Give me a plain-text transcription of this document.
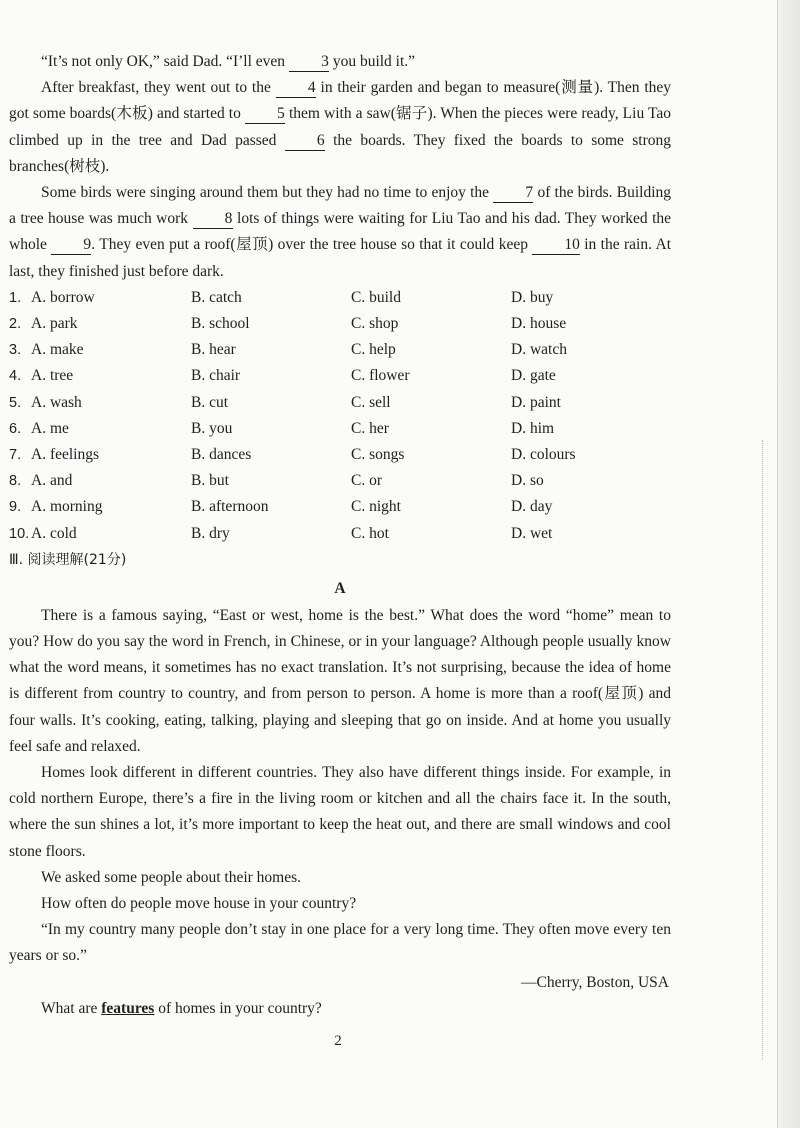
“It’s not only OK,” said Dad. “I’ll even 3 you build it.”

After breakfast, they went out to the 4 in their garden and began to measure(测量). Then they got some boards(木板) and started to 5 them with a saw(锯子). When the pieces were ready, Liu Tao climbed up in the tree and Dad passed	6 the boards. They fixed the boards to some strong branches(树枝).

Some birds were singing around them but they had no time to enjoy the 7 of the birds. Building a tree house was much work 8 lots of things were waiting for Liu Tao and his dad. They worked the whole 9. They even put a roof(屋顶) over the tree house so that it could keep 10 in the rain. At last, they finished just before dark.

1. A. borrow	B. catch	C. build	D. buy
2. A. park	B. school	C. shop	D. house
3. A. make	B. hear	C. help	D. watch
4. A. tree	B. chair	C. flower	D. gate
5. A. wash	B. cut	C. sell	D. paint
6. A. me	B. you	C. her	D. him
7. A. feelings	B. dances	C. songs	D. colours
8. A. and	B. but	C. or	D. so
9. A. morning	B. afternoon	C. night	D. day
10. A. cold	B. dry	C. hot	D. wet

Ⅲ. 阅读理解(21分)

A

There is a famous saying, “East or west, home is the best.” What does the word “home” mean to you? How do you say the word in French, in Chinese, or in your language? Although people usually know what the word means, it sometimes has no exact translation. It’s not surprising, because the idea of home is different from country to country, and from person to person. A home is more than a roof(屋顶) and four walls. It’s cooking, eating, talking, playing and sleeping that go on inside. And at home you usually feel safe and relaxed.

Homes look different in different countries. They also have different things inside. For example, in cold northern Europe, there’s a fire in the living room or kitchen and all the chairs face it. In the south, where the sun shines a lot, it’s more important to keep the heat out, and there are small windows and cool stone floors.

We asked some people about their homes.

How often do people move house in your country?

“In my country many people don’t stay in one place for a very long time. They often move every ten years or so.”

—Cherry, Boston, USA

What are features of homes in your country?

2
